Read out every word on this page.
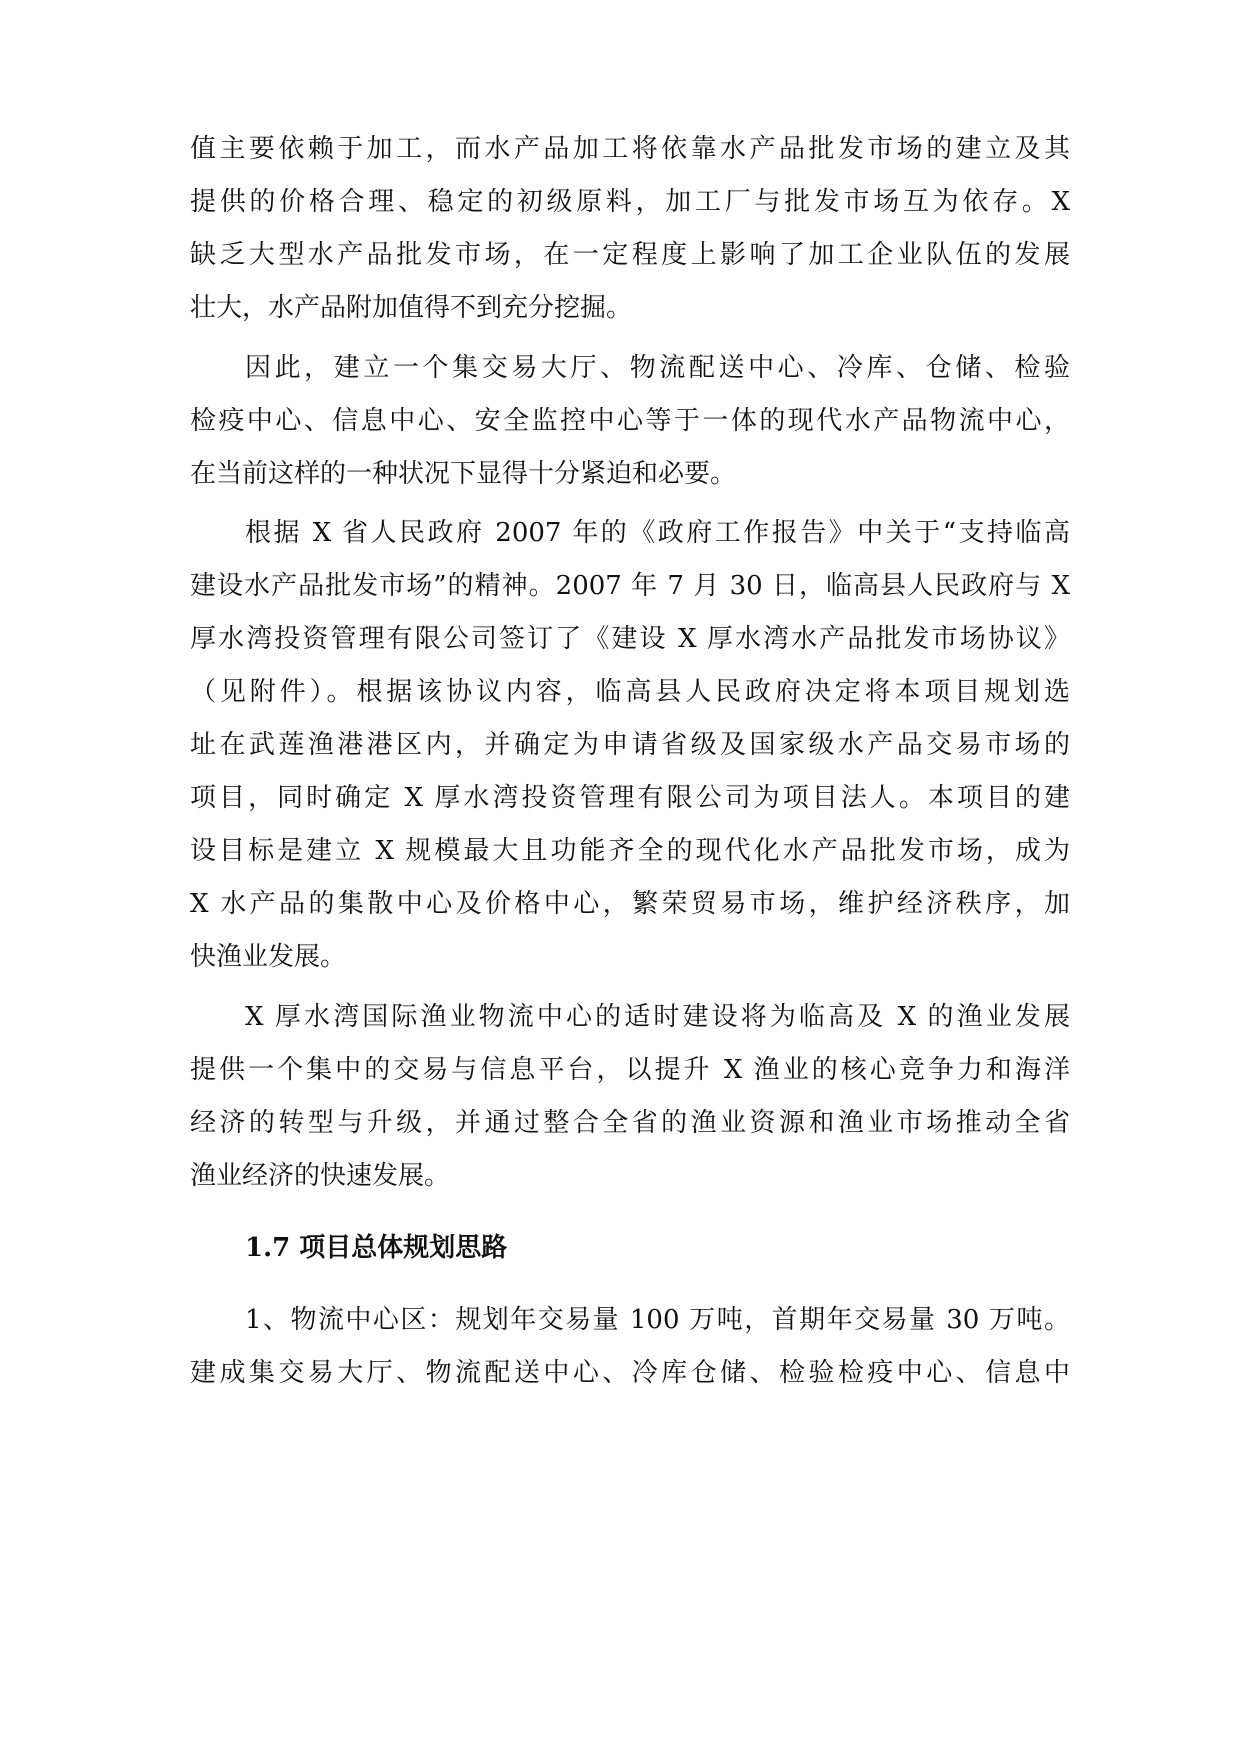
值主要依赖于加工，而水产品加工将依靠水产品批发市场的建立及其
提供的价格合理、稳定的初级原料，加工厂与批发市场互为依存。X
缺乏大型水产品批发市场，在一定程度上影响了加工企业队伍的发展
壮大，水产品附加值得不到充分挖掘。
因此，建立一个集交易大厅、物流配送中心、冷库、仓储、检验
检疫中心、信息中心、安全监控中心等于一体的现代水产品物流中心，
在当前这样的一种状况下显得十分紧迫和必要。
根据 X 省人民政府 2007 年的《政府工作报告》中关于“支持临高
建设水产品批发市场”的精神。2007 年 7 月 30 日，临高县人民政府与 X
厚水湾投资管理有限公司签订了《建设 X 厚水湾水产品批发市场协议》
（见附件）。根据该协议内容，临高县人民政府决定将本项目规划选
址在武莲渔港港区内，并确定为申请省级及国家级水产品交易市场的
项目，同时确定 X 厚水湾投资管理有限公司为项目法人。本项目的建
设目标是建立 X 规模最大且功能齐全的现代化水产品批发市场，成为
X 水产品的集散中心及价格中心，繁荣贸易市场，维护经济秩序，加
快渔业发展。
X 厚水湾国际渔业物流中心的适时建设将为临高及 X 的渔业发展
提供一个集中的交易与信息平台，以提升 X 渔业的核心竞争力和海洋
经济的转型与升级，并通过整合全省的渔业资源和渔业市场推动全省
渔业经济的快速发展。
1.7 项目总体规划思路
1、物流中心区：规划年交易量 100 万吨，首期年交易量 30 万吨。
建成集交易大厅、物流配送中心、冷库仓储、检验检疫中心、信息中
